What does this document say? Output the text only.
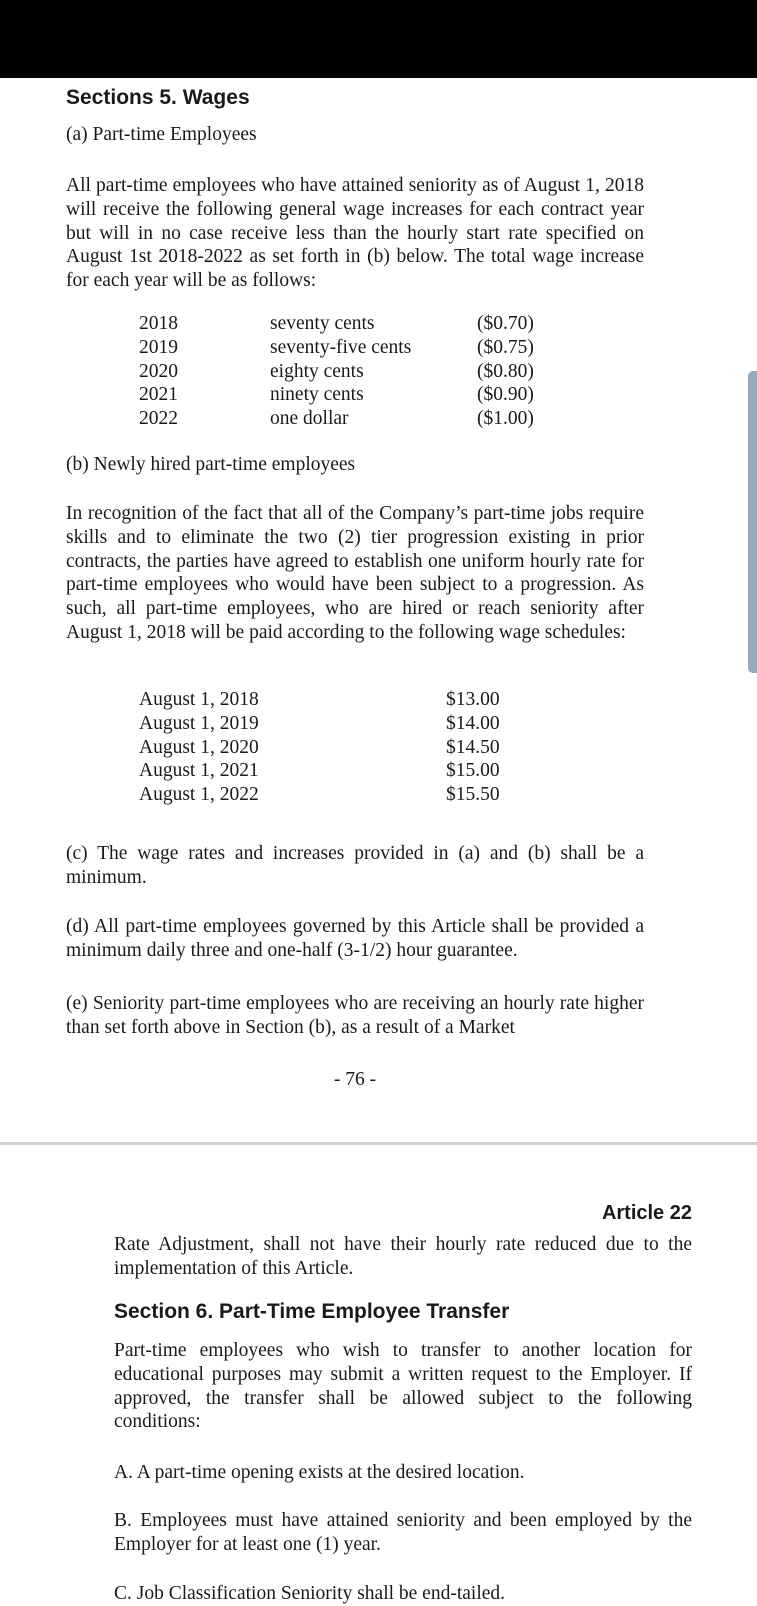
Sections 5. Wages
(a) Part-time Employees

All part-time employees who have attained seniority as of August 1, 2018 will receive the following general wage increases for each contract year but will in no case receive less than the hourly start rate specified on August 1st 2018-2022 as set forth in (b) below. The total wage increase for each year will be as follows:

2018	seventy cents	($0.70)
2019	seventy-five cents	($0.75)
2020	eighty cents	($0.80)
2021	ninety cents	($0.90)
2022	one dollar	($1.00)
(b) Newly hired part-time employees

In recognition of the fact that all of the Company’s part-time jobs require skills and to eliminate the two (2) tier progression existing in prior contracts, the parties have agreed to establish one uniform hourly rate for part-time employees who would have been subject to a progression. As such, all part-time employees, who are hired or reach seniority after August 1, 2018 will be paid according to the following wage schedules:

August 1, 2018	$13.00
August 1, 2019	$14.00
August 1, 2020	$14.50
August 1, 2021	$15.00
August 1, 2022	$15.50

(c) The wage rates and increases provided in (a) and (b) shall be a minimum.

(d) All part-time employees governed by this Article shall be provided a minimum daily three and one-half (3-1/2) hour guarantee.

(e) Seniority part-time employees who are receiving an hourly rate higher than set forth above in Section (b), as a result of a Market

- 76 -
Article 22

Rate Adjustment, shall not have their hourly rate reduced due to the implementation of this Article.

Section 6. Part-Time Employee Transfer

Part-time employees who wish to transfer to another location for educational purposes may submit a written request to the Employer. If approved, the transfer shall be allowed subject to the following conditions:

A. A part-time opening exists at the desired location.

B. Employees must have attained seniority and been employed by the Employer for at least one (1) year.

C. Job Classification Seniority shall be end-tailed.
